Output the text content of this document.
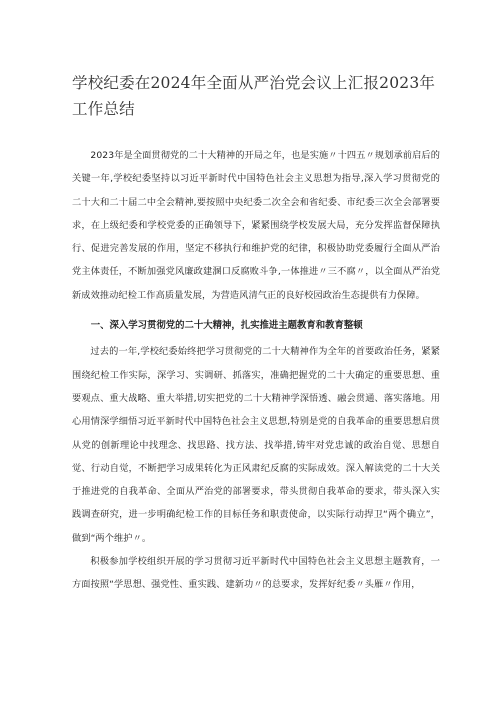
学校纪委在2024年全面从严治党会议上汇报2023年工作总结

2023年是全面贯彻党的二十大精神的开局之年，也是实施〃十四五〃规划承前启后的关键一年,学校纪委坚持以习近平新时代中国特色社会主义思想为指导,深入学习贯彻党的二十大和二十届二中全会精神,要按照中央纪委二次全会和省纪委、市纪委三次全会部署要求，在上级纪委和学校党委的正确领导下，紧紧围绕学校发展大局，充分发挥监督保障执行、促进完善发展的作用，坚定不移执行和维护党的纪律，积极协助党委履行全面从严治党主体责任，不断加强党风廉政建溷口反腐败斗争,一体推进〃三不腐〃，以全面从严治党新成效推动纪检工作高质量发展，为营造风清气正的良好校园政治生态提供有力保障。

一、深入学习贯彻党的二十大精神，扎实推进主题教育和教育整顿

过去的一年,学校纪委始终把学习贯彻党的二十大精神作为全年的首要政治任务，紧紧围绕纪检工作实际，深学习、实调研、抓落实，准确把握党的二十大确定的重要思想、重要观点、重大战略、重大举措,切实把党的二十大精神学深悟透、融会贯通、落实落地。用心用情深学细悟习近平新时代中国特色社会主义思想,特别是党的自我革命的重要思想启贯从党的创新理论中找理念、找思路、找方法、找举措,铸牢对党忠诚的政治自觉、思想自觉、行动自觉，不断把学习成果转化为正风肃纪反腐的实际成效。深入解读党的二十大关于推进党的自我革命、全面从严治党的部署要求，带头贯彻自我革命的要求，带头深入实践调查研究，进一步明确纪检工作的目标任务和职责使命，以实际行动捍卫“两个确立”，做到“两个维护〃。

积极参加学校组织开展的学习贯彻习近平新时代中国特色社会主义思想主题教育，一方面按照“学思想、强党性、重实践、建新功〃的总要求，发挥好纪委〃头雁〃作用，
